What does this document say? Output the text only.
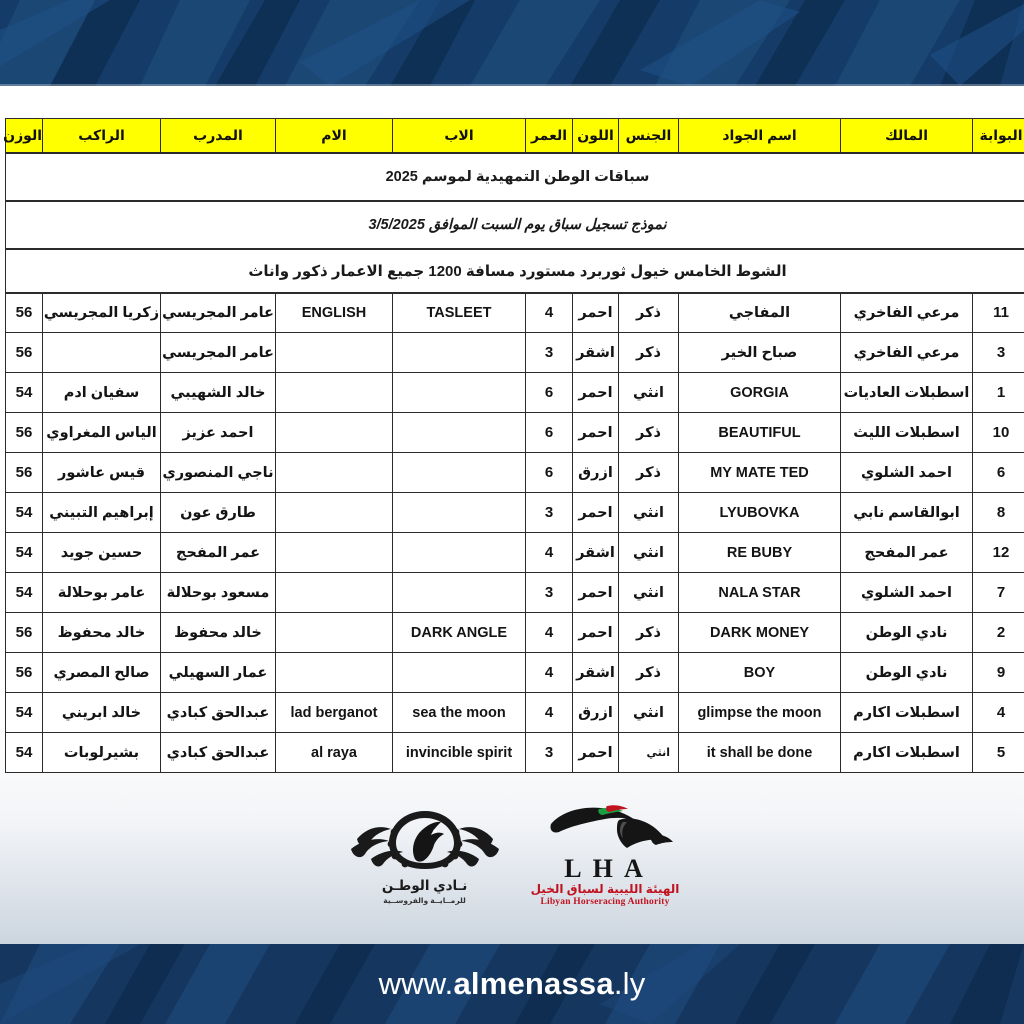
سباقات الوطن التمهيدية لموسم 2025										
نموذج تسجيل سباق يوم السبت الموافق 3/5/2025										
الشوط الخامس خيول ثوربرد مستورد مسافة 1200 جميع الاعمار ذكور واناث										
البوابة	المالك	اسم الجواد	الجنس	اللون	العمر	الاب	الام	المدرب	الراكب	الوزن
11	مرعي الفاخري	المفاجي	ذكر	احمر	4	TASLEET	ENGLISH	عامر المجريسي	زكريا المجريسي	56
3	مرعي الفاخري	صباح الخير	ذكر	اشقر	3			عامر المجريسي		56
1	اسطبلات العاديات	GORGIA	انثي	احمر	6			خالد الشهيبي	سفيان ادم	54
10	اسطبلات الليث	BEAUTIFUL	ذكر	احمر	6			احمد عزيز	الياس المغراوي	56
6	احمد الشلوي	MY MATE TED	ذكر	ازرق	6			ناجي المنصوري	قيس عاشور	56
8	ابوالقاسم نابي	LYUBOVKA	انثي	احمر	3			طارق عون	إبراهيم التبيني	54
12	عمر المفحج	RE BUBY	انثي	اشقر	4			عمر المفحج	حسين جويد	54
7	احمد الشلوي	NALA STAR	انثي	احمر	3			مسعود بوحلالة	عامر بوحلالة	54
2	نادي الوطن	DARK MONEY	ذكر	احمر	4	DARK ANGLE		خالد محفوظ	خالد محفوظ	56
9	نادي الوطن	BOY	ذكر	اشقر	4			عمار السهيلي	صالح المصري	56
4	اسطبلات اكارم	glimpse the moon	انثي	ازرق	4	sea the moon	lad berganot	عبدالحق كبادي	خالد ابريني	54
5	اسطبلات اكارم	it shall be done	انثي	احمر	3	invincible spirit	al raya	عبدالحق كبادي	بشيرلوبات	54
نـادي الوطـن
للرمــايــة والفروســية
L H A
الهيئة الليبية لسباق الخيل
Libyan Horseracing Authority
www.almenassa.ly
